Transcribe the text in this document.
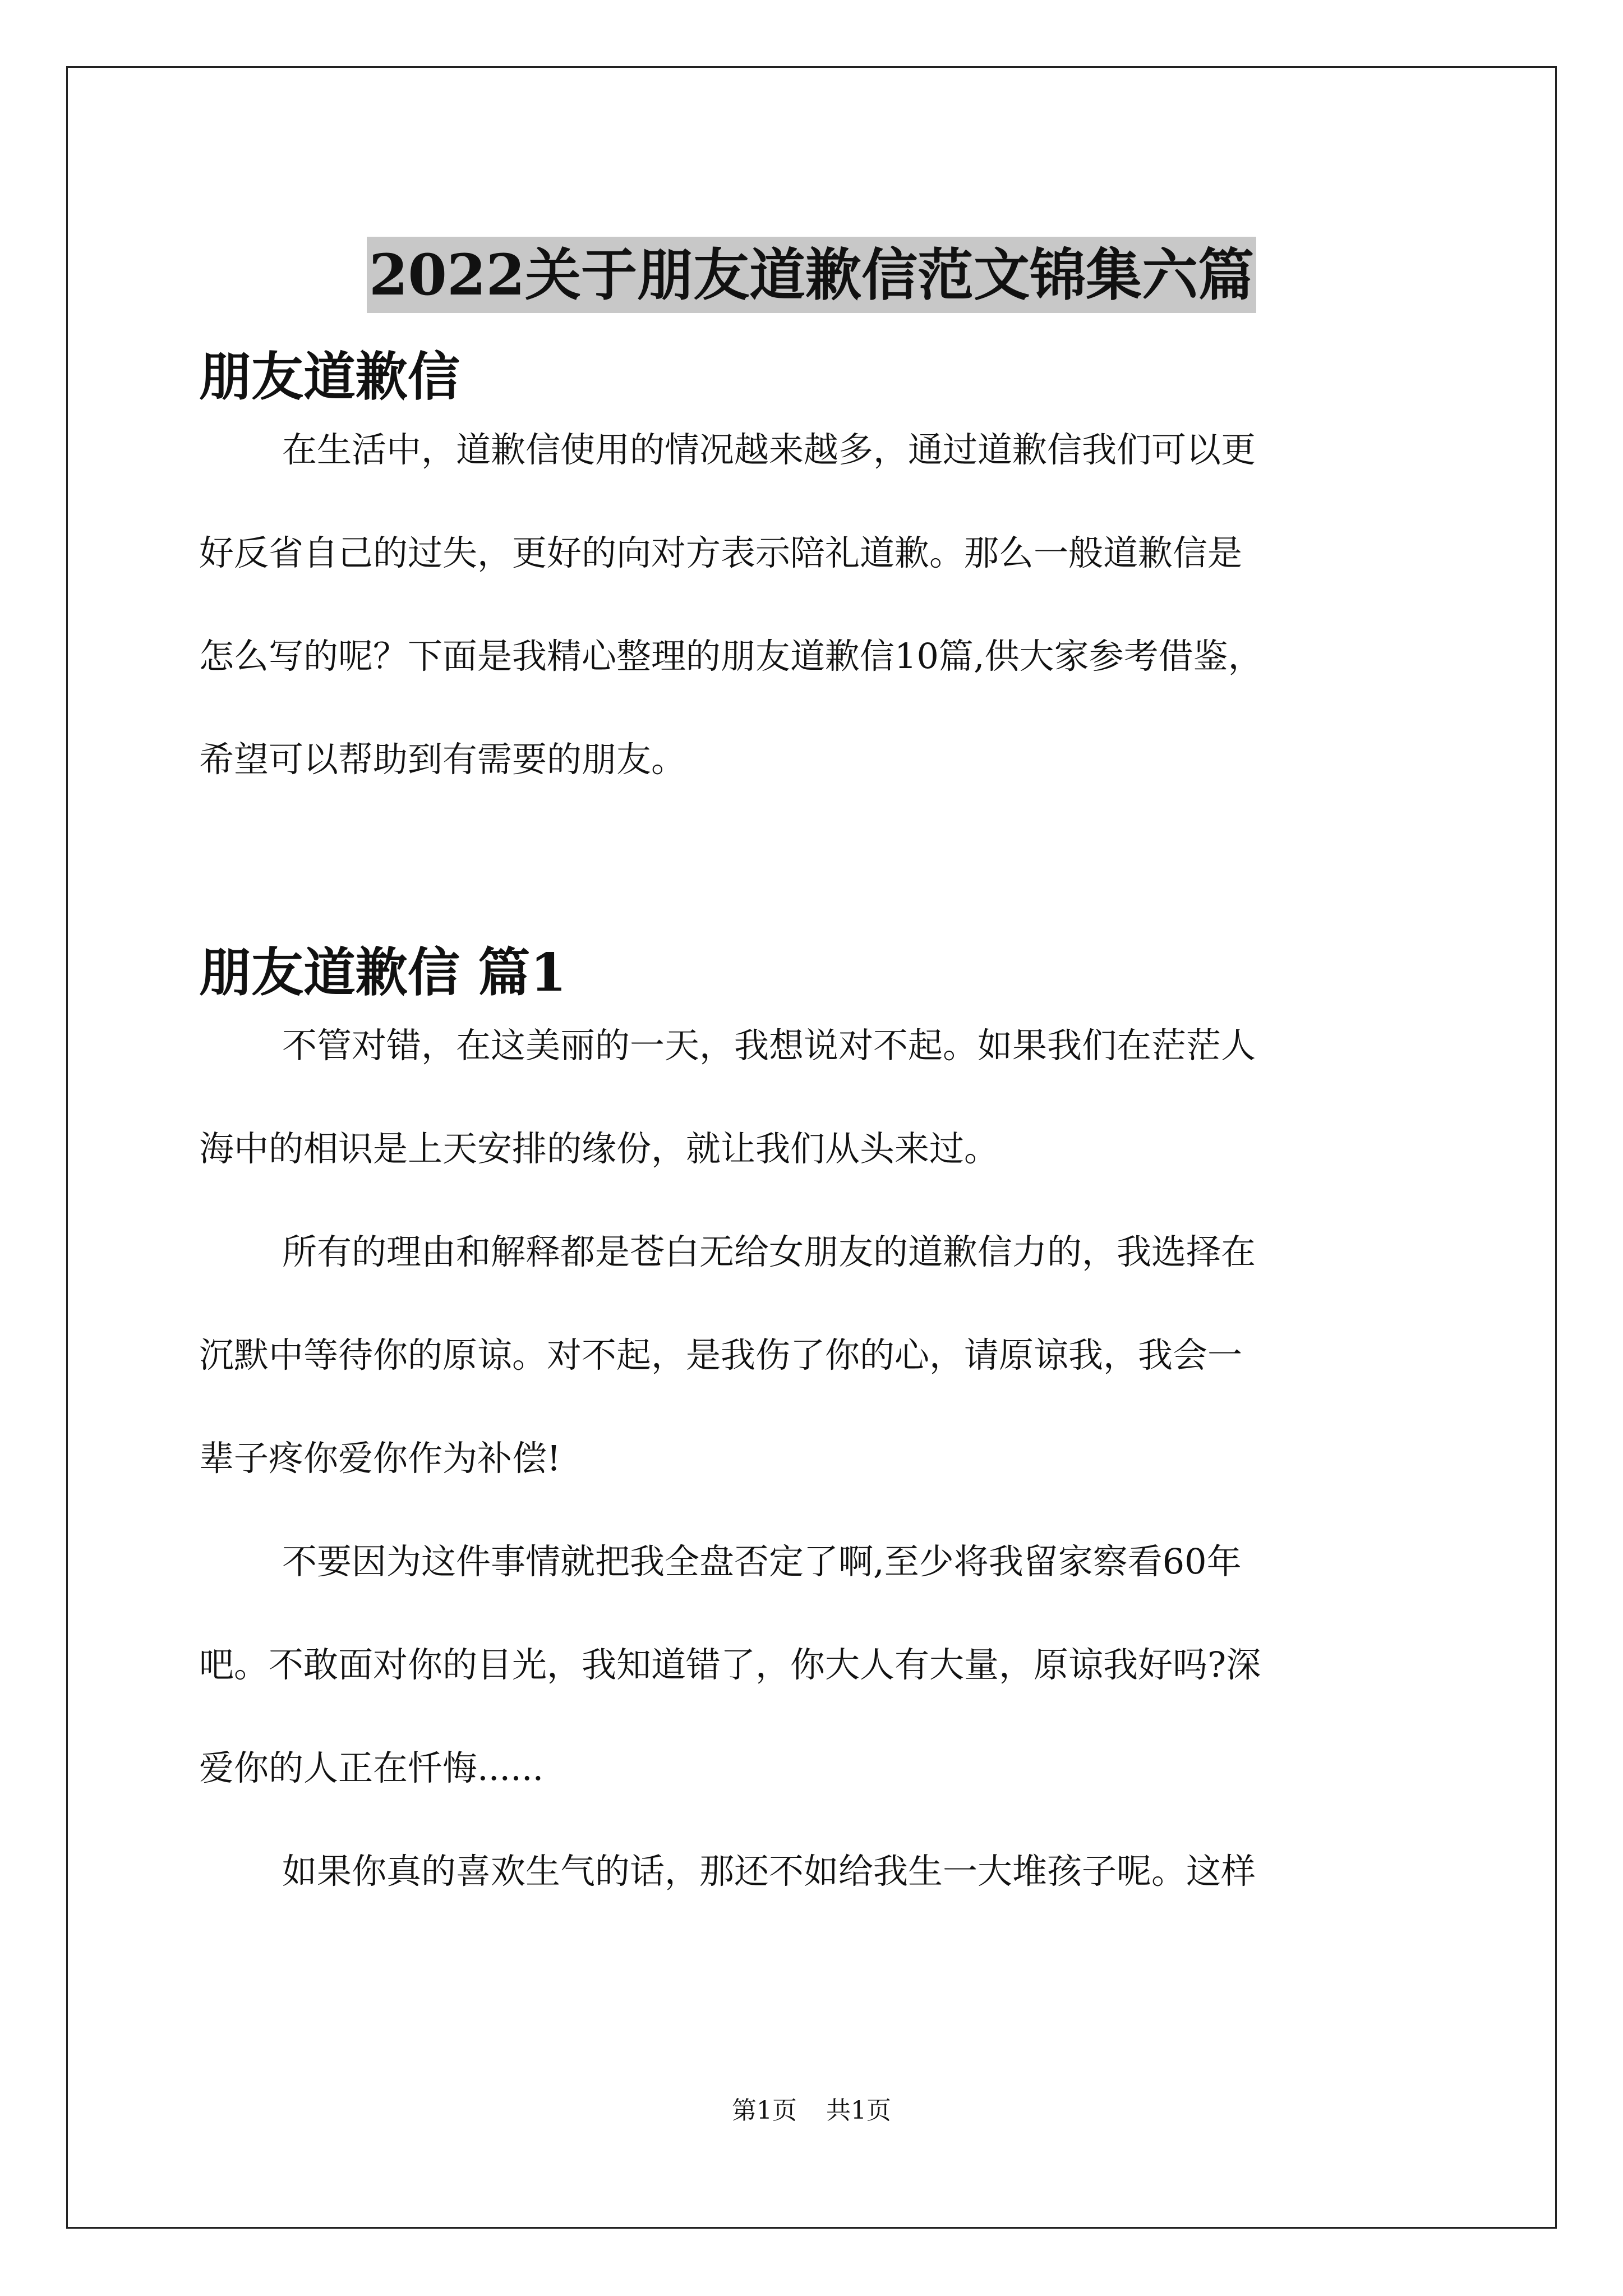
2022关于朋友道歉信范文锦集六篇
朋友道歉信
在生活中，道歉信使用的情况越来越多，通过道歉信我们可以更
好反省自己的过失，更好的向对方表示陪礼道歉。那么一般道歉信是
怎么写的呢？下面是我精心整理的朋友道歉信10篇,供大家参考借鉴，
希望可以帮助到有需要的朋友。
朋友道歉信 篇1
不管对错，在这美丽的一天，我想说对不起。如果我们在茫茫人
海中的相识是上天安排的缘份，就让我们从头来过。
所有的理由和解释都是苍白无给女朋友的道歉信力的，我选择在
沉默中等待你的原谅。对不起，是我伤了你的心，请原谅我，我会一
辈子疼你爱你作为补偿!
不要因为这件事情就把我全盘否定了啊,至少将我留家察看60年
吧。不敢面对你的目光，我知道错了，你大人有大量，原谅我好吗?深
爱你的人正在忏悔......
如果你真的喜欢生气的话，那还不如给我生一大堆孩子呢。这样
第1页 共1页
